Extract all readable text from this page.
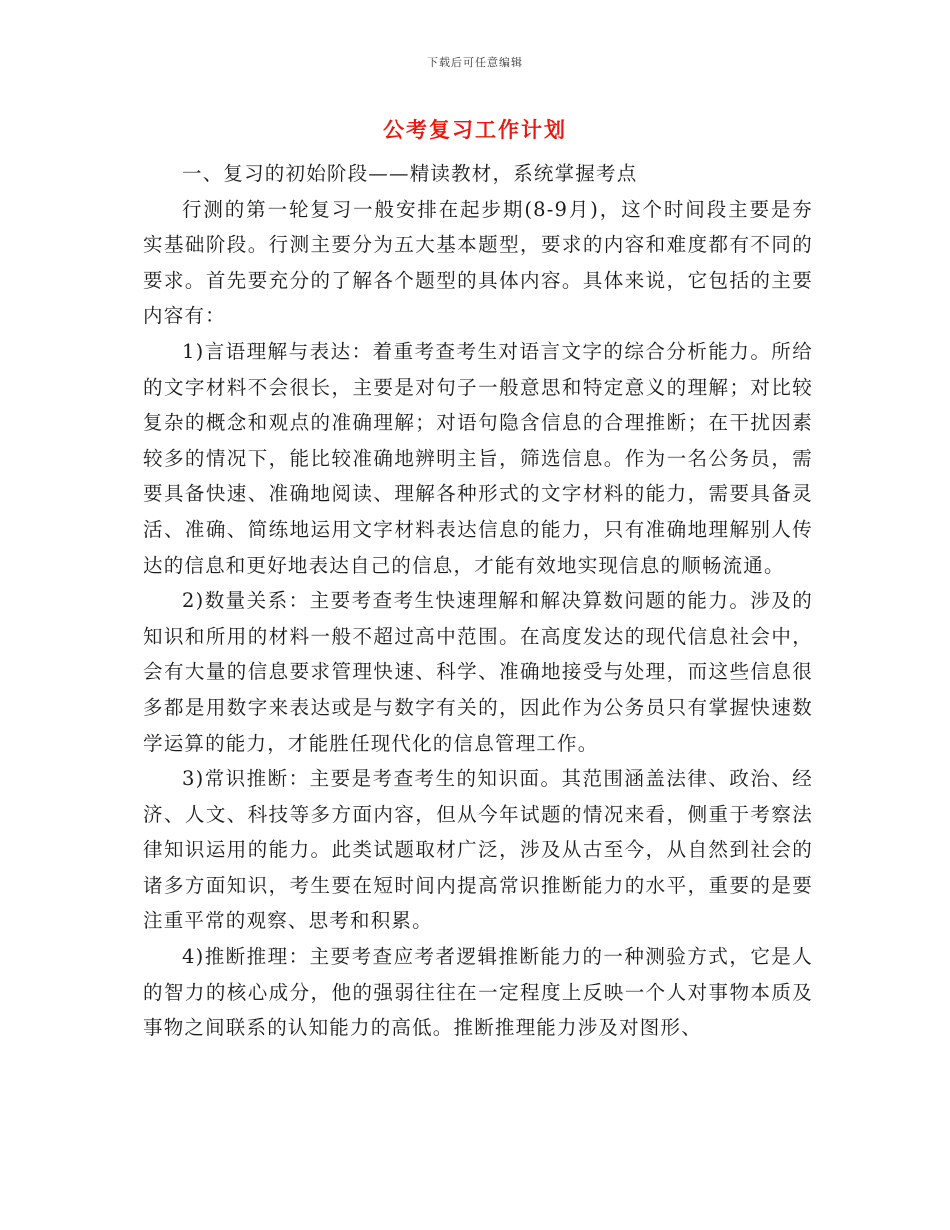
下载后可任意编辑
公考复习工作计划

一、复习的初始阶段——精读教材，系统掌握考点

行测的第一轮复习一般安排在起步期(8-9月)，这个时间段主要是夯实基础阶段。行测主要分为五大基本题型，要求的内容和难度都有不同的要求。首先要充分的了解各个题型的具体内容。具体来说，它包括的主要内容有：

1)言语理解与表达：着重考查考生对语言文字的综合分析能力。所给的文字材料不会很长，主要是对句子一般意思和特定意义的理解；对比较复杂的概念和观点的准确理解；对语句隐含信息的合理推断；在干扰因素较多的情况下，能比较准确地辨明主旨，筛选信息。作为一名公务员，需要具备快速、准确地阅读、理解各种形式的文字材料的能力，需要具备灵活、准确、简练地运用文字材料表达信息的能力，只有准确地理解别人传达的信息和更好地表达自己的信息，才能有效地实现信息的顺畅流通。

2)数量关系：主要考查考生快速理解和解决算数问题的能力。涉及的知识和所用的材料一般不超过高中范围。在高度发达的现代信息社会中，会有大量的信息要求管理快速、科学、准确地接受与处理，而这些信息很多都是用数字来表达或是与数字有关的，因此作为公务员只有掌握快速数学运算的能力，才能胜任现代化的信息管理工作。

3)常识推断：主要是考查考生的知识面。其范围涵盖法律、政治、经济、人文、科技等多方面内容，但从今年试题的情况来看，侧重于考察法律知识运用的能力。此类试题取材广泛，涉及从古至今，从自然到社会的诸多方面知识，考生要在短时间内提高常识推断能力的水平，重要的是要注重平常的观察、思考和积累。

4)推断推理：主要考查应考者逻辑推断能力的一种测验方式，它是人的智力的核心成分，他的强弱往往在一定程度上反映一个人对事物本质及事物之间联系的认知能力的高低。推断推理能力涉及对图形、
